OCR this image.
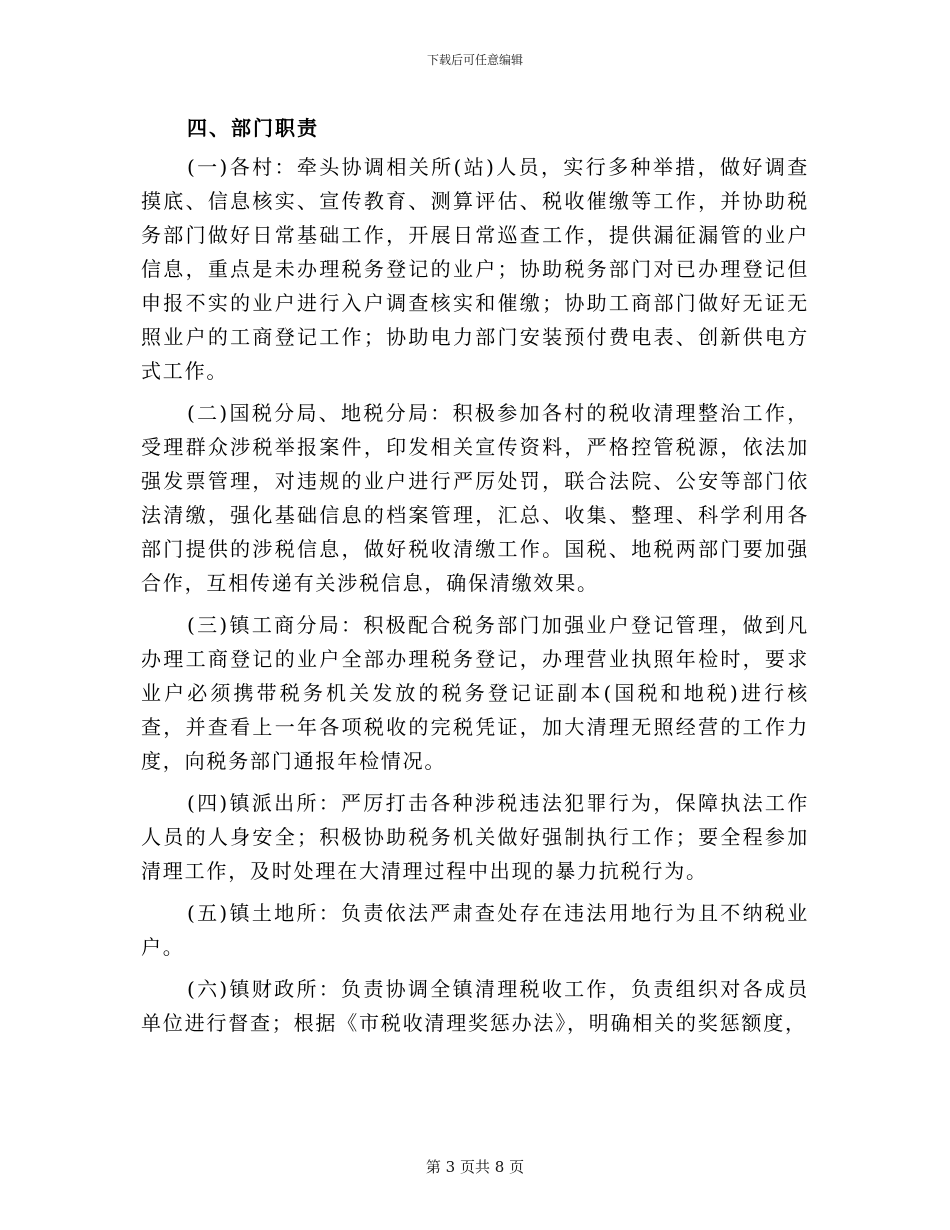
下载后可任意编辑
四、部门职责

(一)各村：牵头协调相关所(站)人员，实行多种举措，做好调查摸底、信息核实、宣传教育、测算评估、税收催缴等工作，并协助税务部门做好日常基础工作，开展日常巡查工作，提供漏征漏管的业户信息，重点是未办理税务登记的业户；协助税务部门对已办理登记但申报不实的业户进行入户调查核实和催缴；协助工商部门做好无证无照业户的工商登记工作；协助电力部门安装预付费电表、创新供电方式工作。

(二)国税分局、地税分局：积极参加各村的税收清理整治工作，受理群众涉税举报案件，印发相关宣传资料，严格控管税源，依法加强发票管理，对违规的业户进行严厉处罚，联合法院、公安等部门依法清缴，强化基础信息的档案管理，汇总、收集、整理、科学利用各部门提供的涉税信息，做好税收清缴工作。国税、地税两部门要加强合作，互相传递有关涉税信息，确保清缴效果。

(三)镇工商分局：积极配合税务部门加强业户登记管理，做到凡办理工商登记的业户全部办理税务登记，办理营业执照年检时，要求业户必须携带税务机关发放的税务登记证副本(国税和地税)进行核查，并查看上一年各项税收的完税凭证，加大清理无照经营的工作力度，向税务部门通报年检情况。

(四)镇派出所：严厉打击各种涉税违法犯罪行为，保障执法工作人员的人身安全；积极协助税务机关做好强制执行工作；要全程参加清理工作，及时处理在大清理过程中出现的暴力抗税行为。

(五)镇土地所：负责依法严肃查处存在违法用地行为且不纳税业户。

(六)镇财政所：负责协调全镇清理税收工作，负责组织对各成员单位进行督查；根据《市税收清理奖惩办法》，明确相关的奖惩额度，

第 3 页共 8 页
